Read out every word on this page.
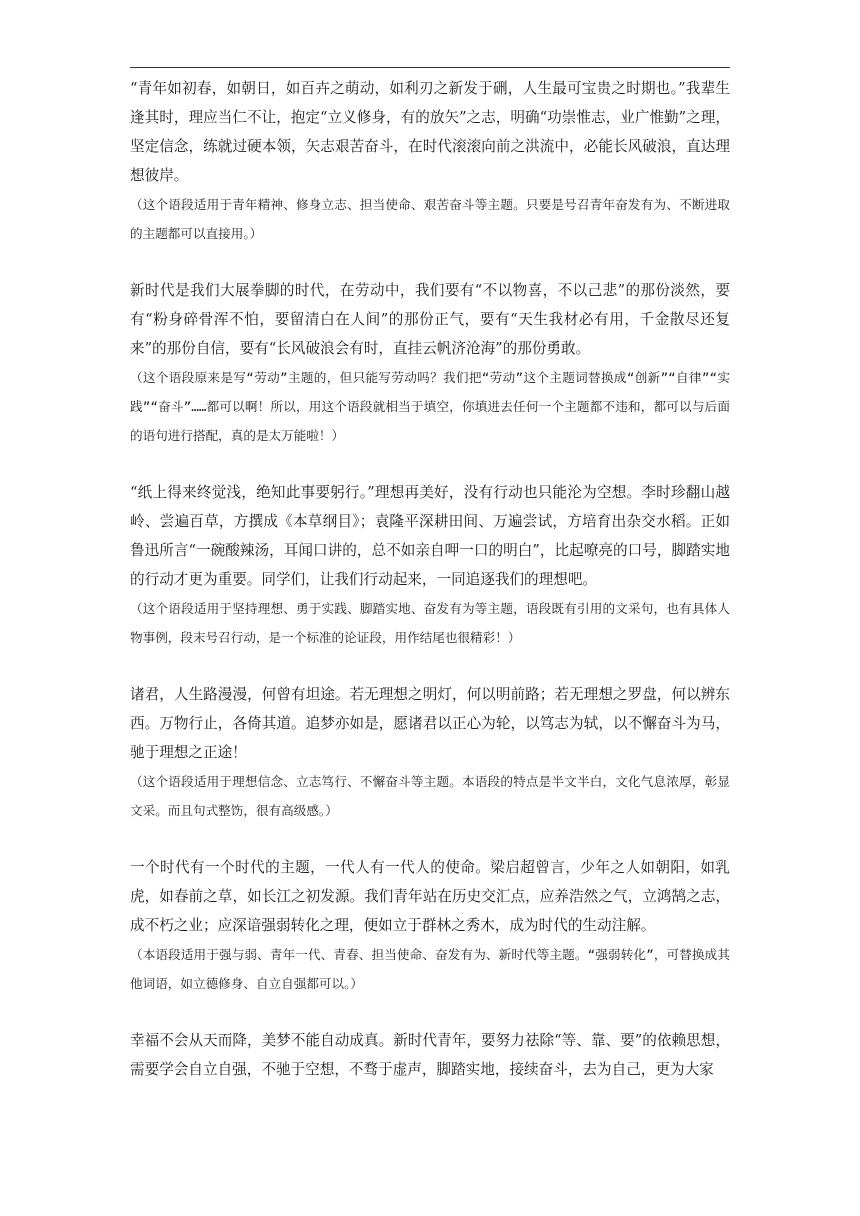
“青年如初春，如朝日，如百卉之萌动，如利刃之新发于硎，人生最可宝贵之时期也。”我辈生逢其时，理应当仁不让，抱定“立义修身，有的放矢”之志，明确“功崇惟志，业广惟勤”之理，坚定信念，练就过硬本领，矢志艰苦奋斗，在时代滚滚向前之洪流中，必能长风破浪，直达理想彼岸。

（这个语段适用于青年精神、修身立志、担当使命、艰苦奋斗等主题。只要是号召青年奋发有为、不断进取的主题都可以直接用。）

新时代是我们大展拳脚的时代，在劳动中，我们要有“不以物喜，不以己悲”的那份淡然，要有“粉身碎骨浑不怕，要留清白在人间”的那份正气，要有“天生我材必有用，千金散尽还复来”的那份自信，要有“长风破浪会有时，直挂云帆济沧海”的那份勇敢。

（这个语段原来是写“劳动”主题的，但只能写劳动吗？我们把“劳动”这个主题词替换成“创新”“自律”“实践”“奋斗”……都可以啊！所以，用这个语段就相当于填空，你填进去任何一个主题都不违和，都可以与后面的语句进行搭配，真的是太万能啦！）

“纸上得来终觉浅，绝知此事要躬行。”理想再美好，没有行动也只能沦为空想。李时珍翻山越岭、尝遍百草，方撰成《本草纲目》；袁隆平深耕田间、万遍尝试，方培育出杂交水稻。正如鲁迅所言“一碗酸辣汤，耳闻口讲的，总不如亲自呷一口的明白”，比起嘹亮的口号，脚踏实地的行动才更为重要。同学们，让我们行动起来，一同追逐我们的理想吧。

（这个语段适用于坚持理想、勇于实践、脚踏实地、奋发有为等主题，语段既有引用的文采句，也有具体人物事例，段末号召行动，是一个标准的论证段，用作结尾也很精彩！）

诸君，人生路漫漫，何曾有坦途。若无理想之明灯，何以明前路；若无理想之罗盘，何以辨东西。万物行止，各倚其道。追梦亦如是，愿诸君以正心为轮，以笃志为轼，以不懈奋斗为马，驰于理想之正途！

（这个语段适用于理想信念、立志笃行、不懈奋斗等主题。本语段的特点是半文半白，文化气息浓厚，彰显文采。而且句式整饬，很有高级感。）

一个时代有一个时代的主题，一代人有一代人的使命。梁启超曾言，少年之人如朝阳，如乳虎，如春前之草，如长江之初发源。我们青年站在历史交汇点，应养浩然之气，立鸿鹄之志，成不朽之业；应深谙强弱转化之理，便如立于群林之秀木，成为时代的生动注解。

（本语段适用于强与弱、青年一代、青春、担当使命、奋发有为、新时代等主题。“强弱转化”，可替换成其他词语，如立德修身、自立自强都可以。）

幸福不会从天而降，美梦不能自动成真。新时代青年，要努力祛除“等、靠、要”的依赖思想，需要学会自立自强，不驰于空想，不骛于虚声，脚踏实地，接续奋斗，去为自己，更为大家
